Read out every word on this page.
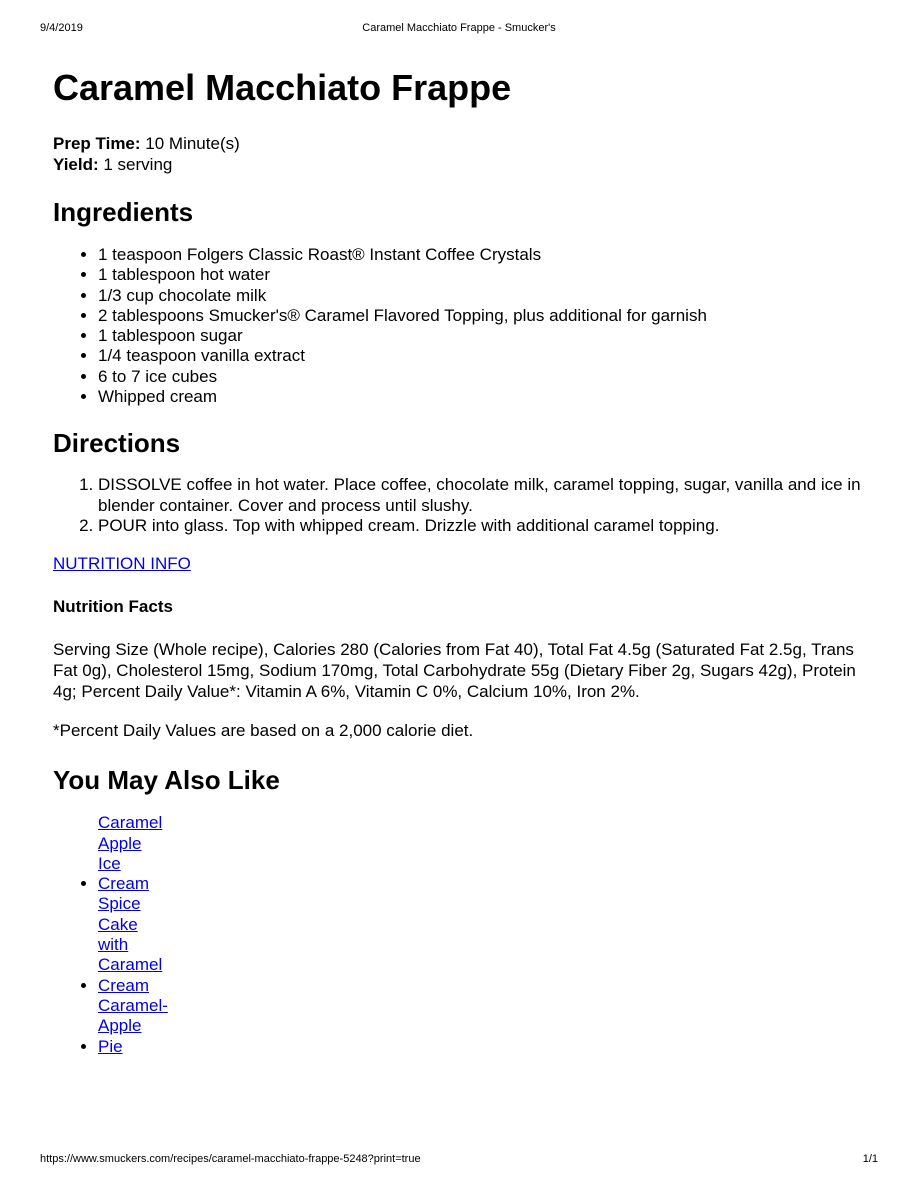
9/4/2019	Caramel Macchiato Frappe - Smucker's
Caramel Macchiato Frappe
Prep Time: 10 Minute(s)
Yield: 1 serving
Ingredients
• 1 teaspoon Folgers Classic Roast® Instant Coffee Crystals
• 1 tablespoon hot water
• 1/3 cup chocolate milk
• 2 tablespoons Smucker's® Caramel Flavored Topping, plus additional for garnish
• 1 tablespoon sugar
• 1/4 teaspoon vanilla extract
• 6 to 7 ice cubes
• Whipped cream
Directions
1. DISSOLVE coffee in hot water. Place coffee, chocolate milk, caramel topping, sugar, vanilla and ice in blender container. Cover and process until slushy.
2. POUR into glass. Top with whipped cream. Drizzle with additional caramel topping.
NUTRITION INFO
Nutrition Facts
Serving Size (Whole recipe), Calories 280 (Calories from Fat 40), Total Fat 4.5g (Saturated Fat 2.5g, Trans Fat 0g), Cholesterol 15mg, Sodium 170mg, Total Carbohydrate 55g (Dietary Fiber 2g, Sugars 42g), Protein 4g; Percent Daily Value*: Vitamin A 6%, Vitamin C 0%, Calcium 10%, Iron 2%.
*Percent Daily Values are based on a 2,000 calorie diet.
You May Also Like
• Caramel Apple Ice Cream
• Spice Cake with Caramel Cream
• Caramel-Apple Pie
https://www.smuckers.com/recipes/caramel-macchiato-frappe-5248?print=true	1/1
